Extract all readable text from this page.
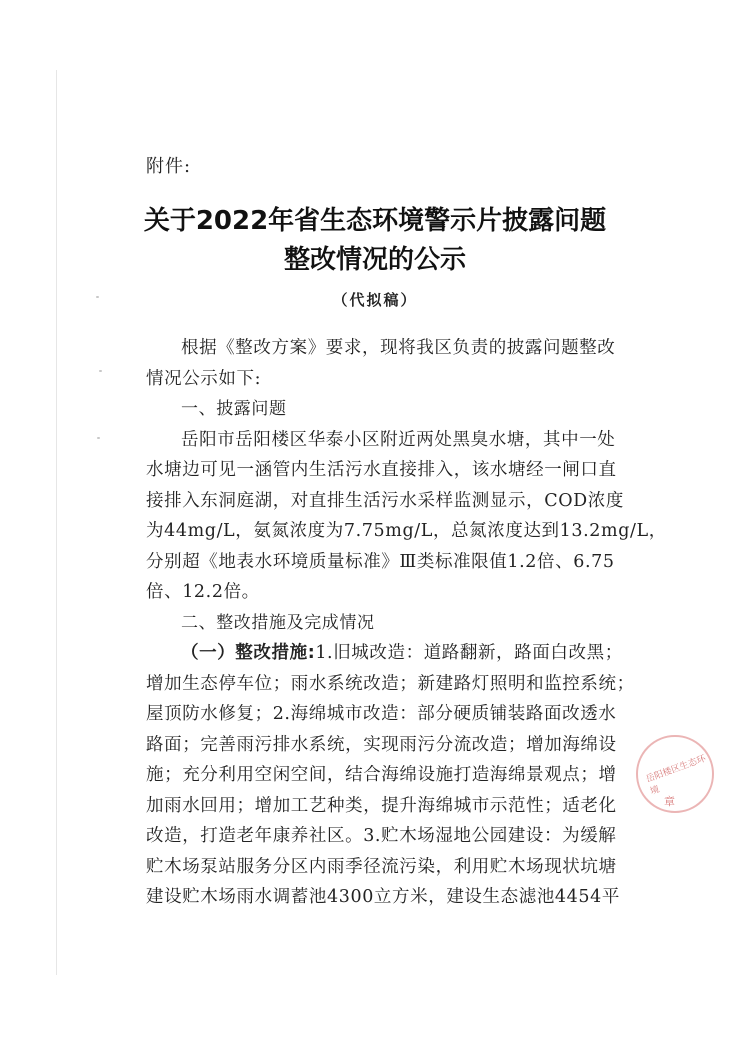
附件:
关于2022年省生态环境警示片披露问题
整改情况的公示
（代拟稿）
根据《整改方案》要求，现将我区负责的披露问题整改
情况公示如下:
一、披露问题
岳阳市岳阳楼区华泰小区附近两处黑臭水塘，其中一处
水塘边可见一涵管内生活污水直接排入，该水塘经一闸口直
接排入东洞庭湖，对直排生活污水采样监测显示，COD浓度
为44mg/L，氨氮浓度为7.75mg/L，总氮浓度达到13.2mg/L，
分别超《地表水环境质量标准》Ⅲ类标准限值1.2倍、6.75
倍、12.2倍。
二、整改措施及完成情况
（一）整改措施:1.旧城改造：道路翻新，路面白改黑；
增加生态停车位；雨水系统改造；新建路灯照明和监控系统；
屋顶防水修复；2.海绵城市改造：部分硬质铺装路面改透水
路面；完善雨污排水系统，实现雨污分流改造；增加海绵设
施；充分利用空闲空间，结合海绵设施打造海绵景观点；增
加雨水回用；增加工艺种类，提升海绵城市示范性；适老化
改造，打造老年康养社区。3.贮木场湿地公园建设：为缓解
贮木场泵站服务分区内雨季径流污染，利用贮木场现状坑塘
建设贮木场雨水调蓄池4300立方米，建设生态滤池4454平
岳阳楼区生态环境
章
